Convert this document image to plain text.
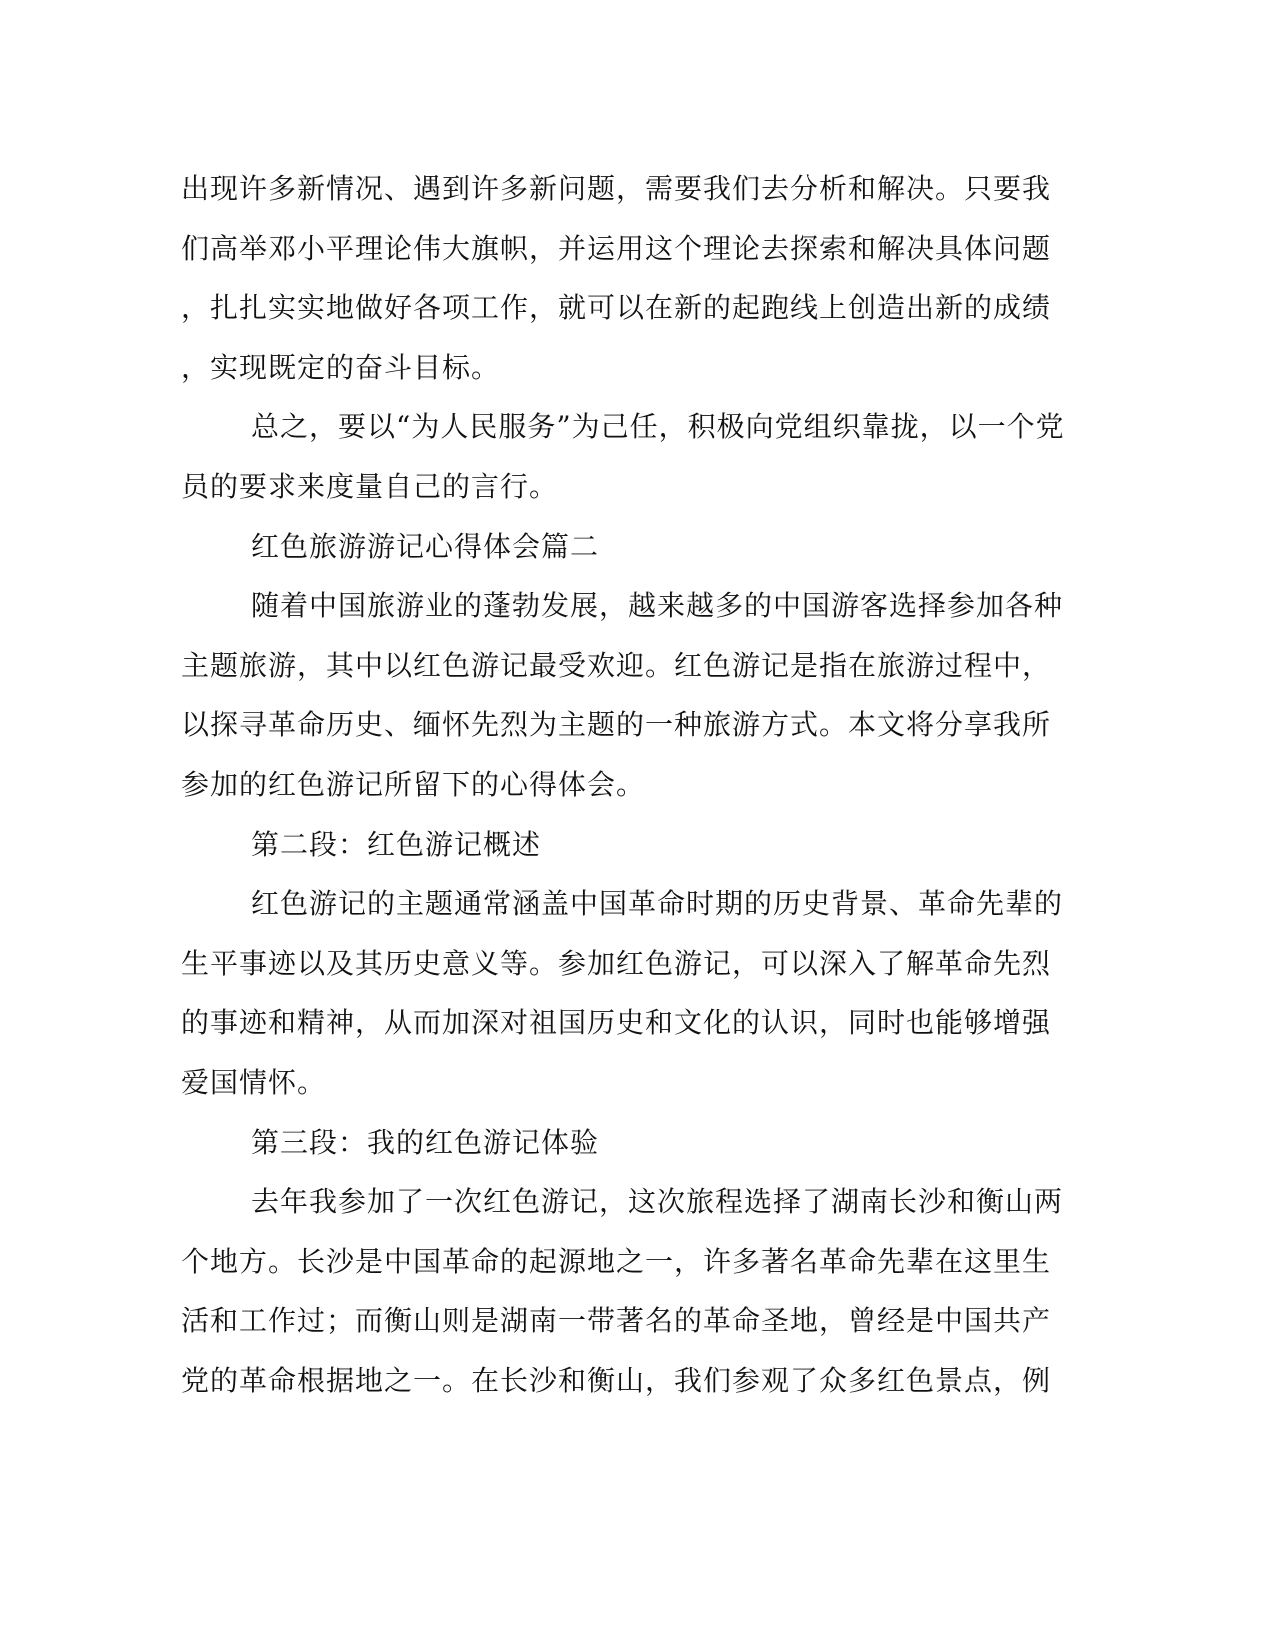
出现许多新情况、遇到许多新问题，需要我们去分析和解决。只要我
们高举邓小平理论伟大旗帜，并运用这个理论去探索和解决具体问题
，扎扎实实地做好各项工作，就可以在新的起跑线上创造出新的成绩
，实现既定的奋斗目标。
总之，要以“为人民服务”为己任，积极向党组织靠拢，以一个党
员的要求来度量自己的言行。
红色旅游游记心得体会篇二
随着中国旅游业的蓬勃发展，越来越多的中国游客选择参加各种
主题旅游，其中以红色游记最受欢迎。红色游记是指在旅游过程中，
以探寻革命历史、缅怀先烈为主题的一种旅游方式。本文将分享我所
参加的红色游记所留下的心得体会。
第二段：红色游记概述
红色游记的主题通常涵盖中国革命时期的历史背景、革命先辈的
生平事迹以及其历史意义等。参加红色游记，可以深入了解革命先烈
的事迹和精神，从而加深对祖国历史和文化的认识，同时也能够增强
爱国情怀。
第三段：我的红色游记体验
去年我参加了一次红色游记，这次旅程选择了湖南长沙和衡山两
个地方。长沙是中国革命的起源地之一，许多著名革命先辈在这里生
活和工作过；而衡山则是湖南一带著名的革命圣地，曾经是中国共产
党的革命根据地之一。在长沙和衡山，我们参观了众多红色景点，例
